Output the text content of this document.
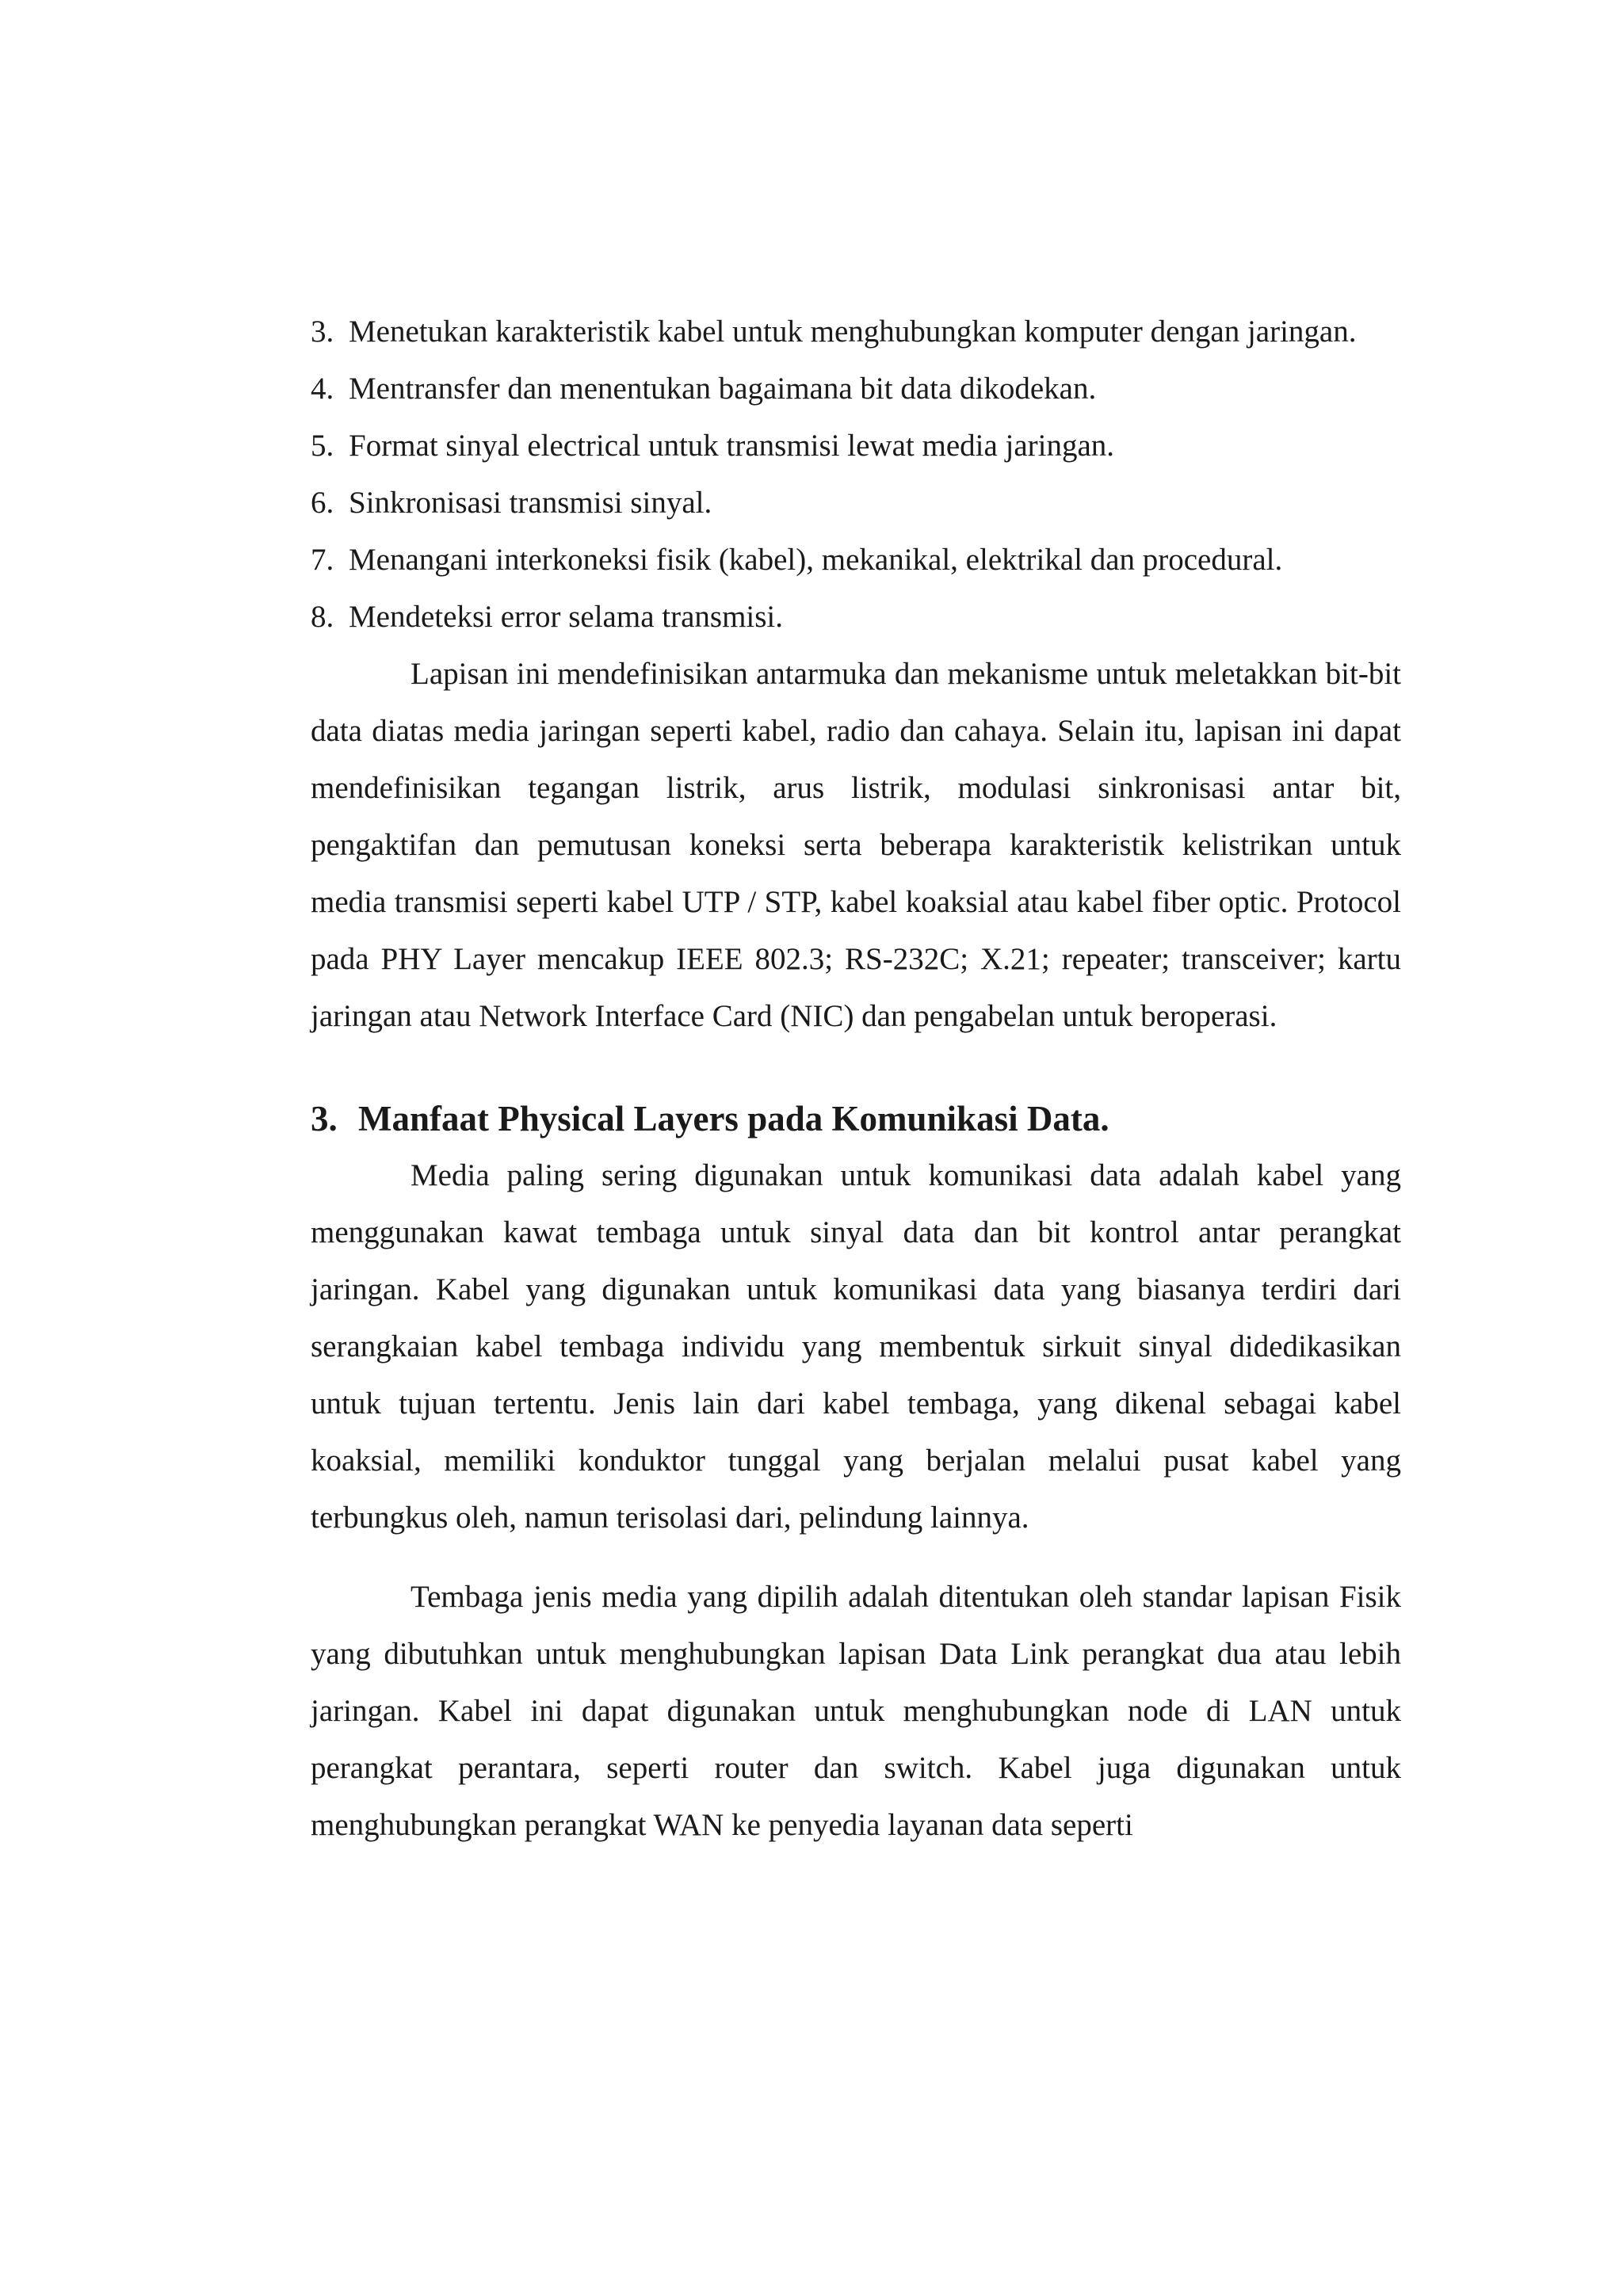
3. Menetukan karakteristik kabel untuk menghubungkan komputer dengan jaringan.
4. Mentransfer dan menentukan bagaimana bit data dikodekan.
5. Format sinyal electrical untuk transmisi lewat media jaringan.
6. Sinkronisasi transmisi sinyal.
7. Menangani interkoneksi fisik (kabel), mekanikal, elektrikal dan procedural.
8. Mendeteksi error selama transmisi.

Lapisan ini mendefinisikan antarmuka dan mekanisme untuk meletakkan bit-bit data diatas media jaringan seperti kabel, radio dan cahaya. Selain itu, lapisan ini dapat mendefinisikan tegangan listrik, arus listrik, modulasi sinkronisasi antar bit, pengaktifan dan pemutusan koneksi serta beberapa karakteristik kelistrikan untuk media transmisi seperti kabel UTP / STP, kabel koaksial atau kabel fiber optic. Protocol pada PHY Layer mencakup IEEE 802.3; RS-232C; X.21; repeater; transceiver; kartu jaringan atau Network Interface Card (NIC) dan pengabelan untuk beroperasi.

3. Manfaat Physical Layers pada Komunikasi Data.

Media paling sering digunakan untuk komunikasi data adalah kabel yang menggunakan kawat tembaga untuk sinyal data dan bit kontrol antar perangkat jaringan. Kabel yang digunakan untuk komunikasi data yang biasanya terdiri dari serangkaian kabel tembaga individu yang membentuk sirkuit sinyal didedikasikan untuk tujuan tertentu. Jenis lain dari kabel tembaga, yang dikenal sebagai kabel koaksial, memiliki konduktor tunggal yang berjalan melalui pusat kabel yang terbungkus oleh, namun terisolasi dari, pelindung lainnya.

Tembaga jenis media yang dipilih adalah ditentukan oleh standar lapisan Fisik yang dibutuhkan untuk menghubungkan lapisan Data Link perangkat dua atau lebih jaringan. Kabel ini dapat digunakan untuk menghubungkan node di LAN untuk perangkat perantara, seperti router dan switch. Kabel juga digunakan untuk menghubungkan perangkat WAN ke penyedia layanan data seperti
